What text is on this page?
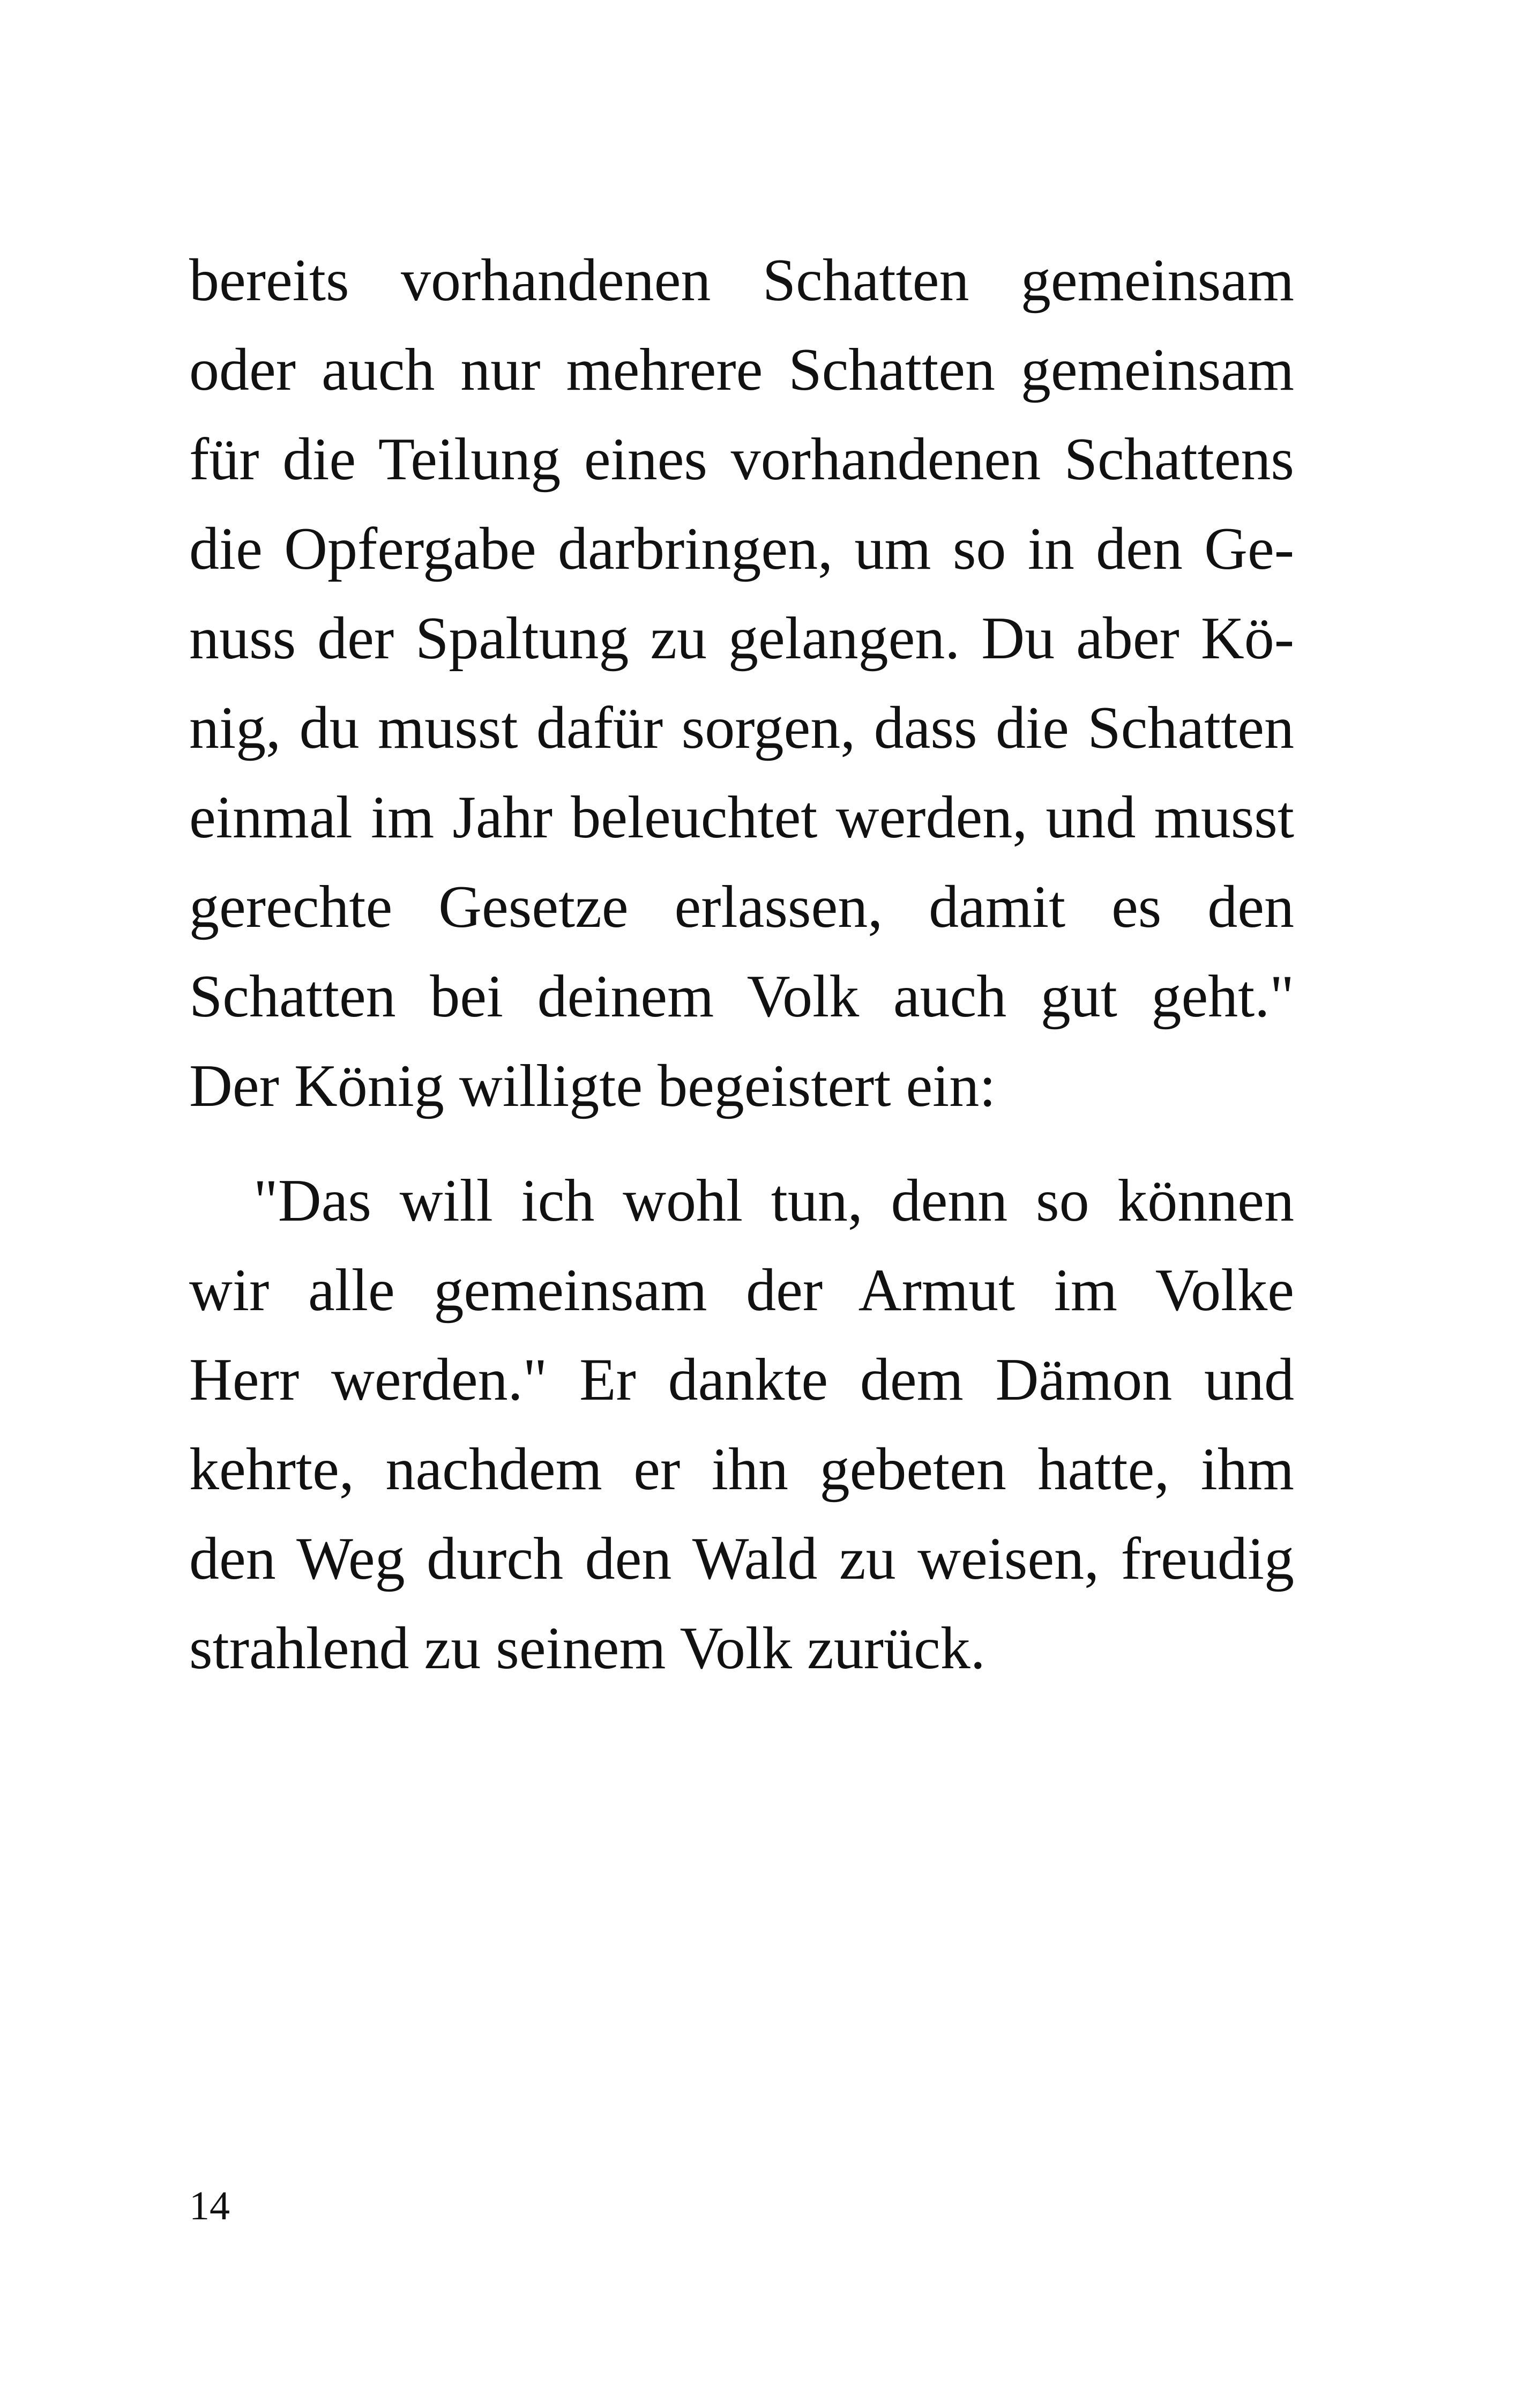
bereits vorhandenen Schatten gemeinsam
oder auch nur mehrere Schatten gemeinsam
für die Teilung eines vorhandenen Schattens
die Opfergabe darbringen, um so in den Ge-
nuss der Spaltung zu gelangen. Du aber Kö-
nig, du musst dafür sorgen, dass die Schatten
einmal im Jahr beleuchtet werden, und musst
gerechte Gesetze erlassen, damit es den
Schatten bei deinem Volk auch gut geht."
Der König willigte begeistert ein:
"Das will ich wohl tun, denn so können
wir alle gemeinsam der Armut im Volke
Herr werden." Er dankte dem Dämon und
kehrte, nachdem er ihn gebeten hatte, ihm
den Weg durch den Wald zu weisen, freudig
strahlend zu seinem Volk zurück.
14
